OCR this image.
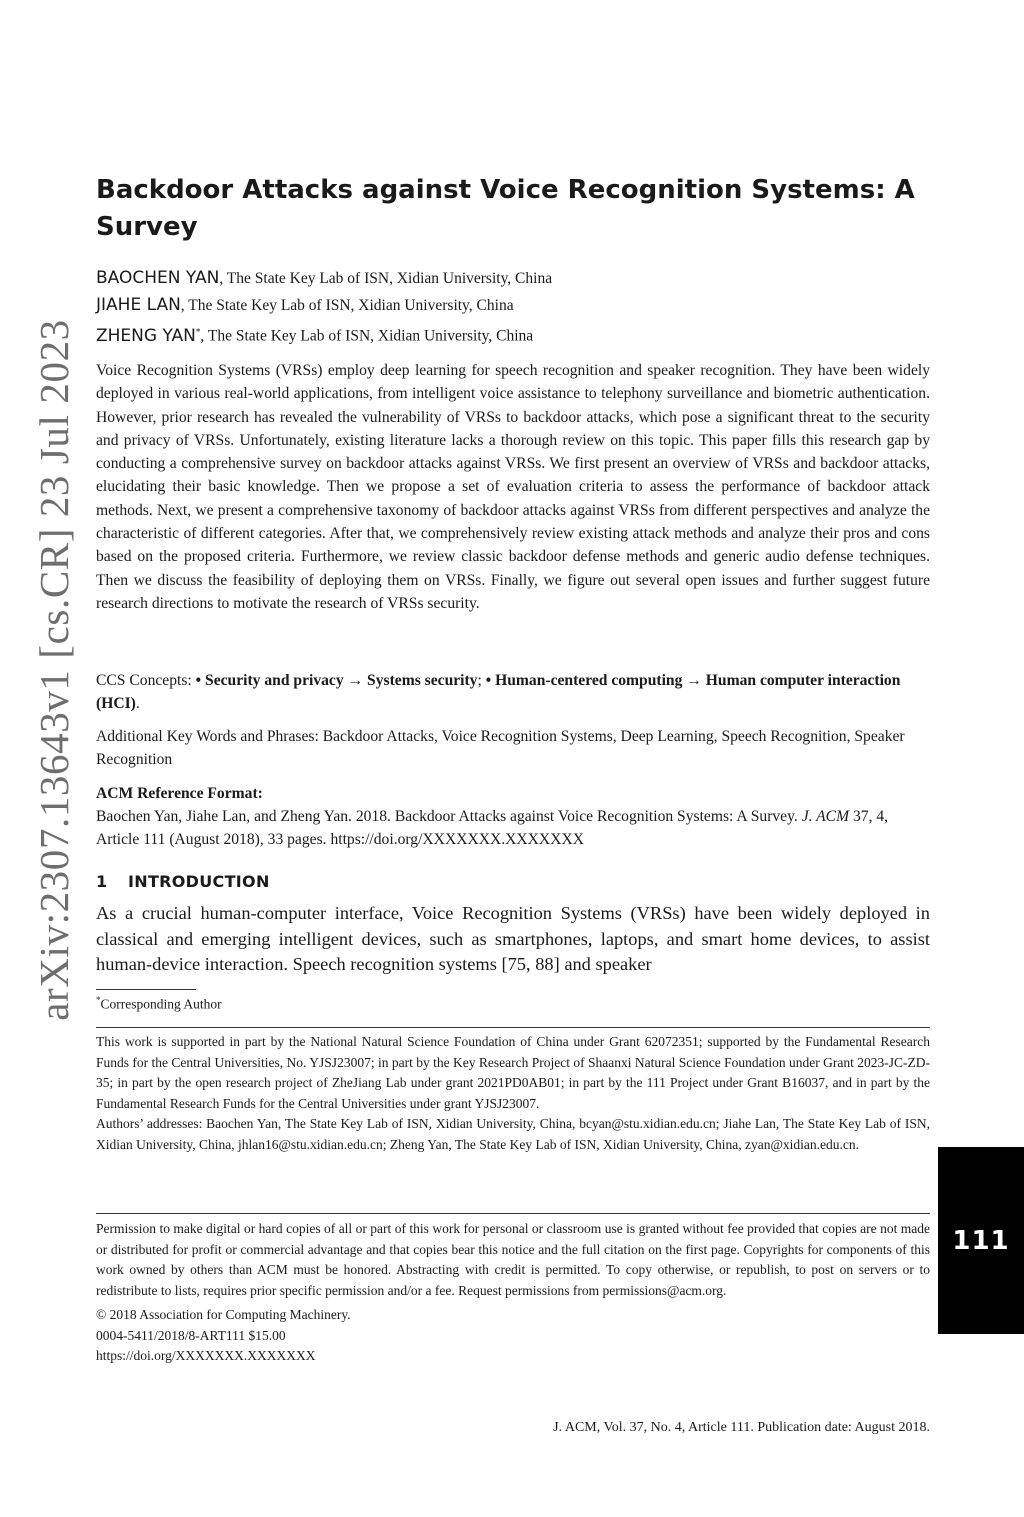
arXiv:2307.13643v1 [cs.CR] 23 Jul 2023
Backdoor Attacks against Voice Recognition Systems: A Survey
BAOCHEN YAN, The State Key Lab of ISN, Xidian University, China
JIAHE LAN, The State Key Lab of ISN, Xidian University, China
ZHENG YAN*, The State Key Lab of ISN, Xidian University, China

Voice Recognition Systems (VRSs) employ deep learning for speech recognition and speaker recognition. They have been widely deployed in various real-world applications, from intelligent voice assistance to telephony surveillance and biometric authentication. However, prior research has revealed the vulnerability of VRSs to backdoor attacks, which pose a significant threat to the security and privacy of VRSs. Unfortunately, existing literature lacks a thorough review on this topic. This paper fills this research gap by conducting a comprehensive survey on backdoor attacks against VRSs. We first present an overview of VRSs and backdoor attacks, elucidating their basic knowledge. Then we propose a set of evaluation criteria to assess the performance of backdoor attack methods. Next, we present a comprehensive taxonomy of backdoor attacks against VRSs from different perspectives and analyze the characteristic of different categories. After that, we comprehensively review existing attack methods and analyze their pros and cons based on the proposed criteria. Furthermore, we review classic backdoor defense methods and generic audio defense techniques. Then we discuss the feasibility of deploying them on VRSs. Finally, we figure out several open issues and further suggest future research directions to motivate the research of VRSs security.

CCS Concepts: • Security and privacy → Systems security; • Human-centered computing → Human computer interaction (HCI).

Additional Key Words and Phrases: Backdoor Attacks, Voice Recognition Systems, Deep Learning, Speech Recognition, Speaker Recognition

ACM Reference Format:

Baochen Yan, Jiahe Lan, and Zheng Yan. 2018. Backdoor Attacks against Voice Recognition Systems: A Survey. J. ACM 37, 4, Article 111 (August 2018), 33 pages. https://doi.org/XXXXXXX.XXXXXXX

1 INTRODUCTION

As a crucial human-computer interface, Voice Recognition Systems (VRSs) have been widely deployed in classical and emerging intelligent devices, such as smartphones, laptops, and smart home devices, to assist human-device interaction. Speech recognition systems [75, 88] and speaker

*Corresponding Author

This work is supported in part by the National Natural Science Foundation of China under Grant 62072351; supported by the Fundamental Research Funds for the Central Universities, No. YJSJ23007; in part by the Key Research Project of Shaanxi Natural Science Foundation under Grant 2023-JC-ZD-35; in part by the open research project of ZheJiang Lab under grant 2021PD0AB01; in part by the 111 Project under Grant B16037, and in part by the Fundamental Research Funds for the Central Universities under grant YJSJ23007.

Authors’ addresses: Baochen Yan, The State Key Lab of ISN, Xidian University, China, bcyan@stu.xidian.edu.cn; Jiahe Lan, The State Key Lab of ISN, Xidian University, China, jhlan16@stu.xidian.edu.cn; Zheng Yan, The State Key Lab of ISN, Xidian University, China, zyan@xidian.edu.cn.

Permission to make digital or hard copies of all or part of this work for personal or classroom use is granted without fee provided that copies are not made or distributed for profit or commercial advantage and that copies bear this notice and the full citation on the first page. Copyrights for components of this work owned by others than ACM must be honored. Abstracting with credit is permitted. To copy otherwise, or republish, to post on servers or to redistribute to lists, requires prior specific permission and/or a fee. Request permissions from permissions@acm.org.

© 2018 Association for Computing Machinery.

0004-5411/2018/8-ART111 $15.00

https://doi.org/XXXXXXX.XXXXXXX

111
J. ACM, Vol. 37, No. 4, Article 111. Publication date: August 2018.
